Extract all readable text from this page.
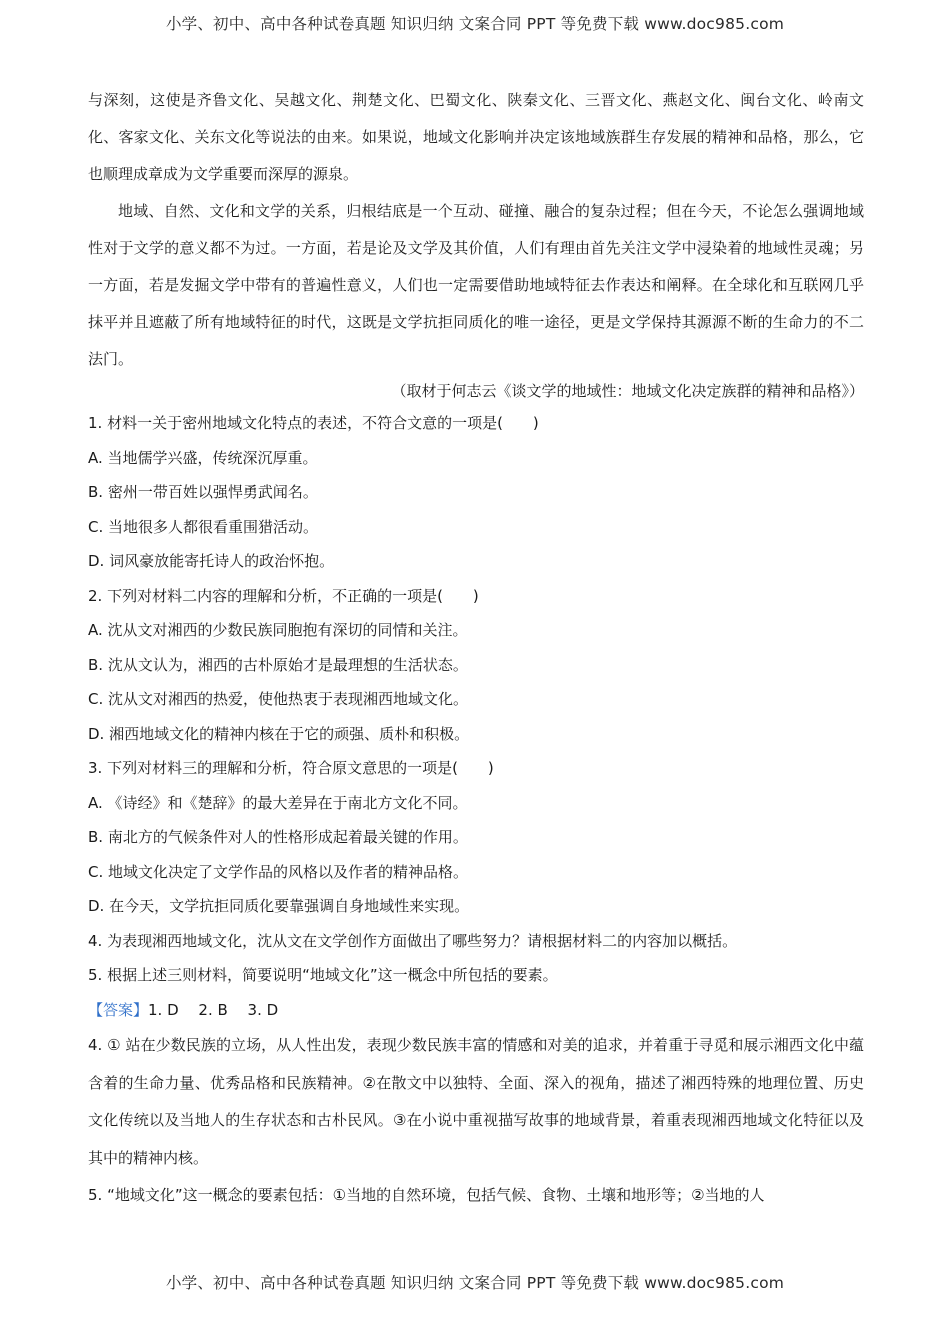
小学、初中、高中各种试卷真题 知识归纳 文案合同 PPT 等免费下载 www.doc985.com

与深刻，这使是齐鲁文化、吴越文化、荆楚文化、巴蜀文化、陕秦文化、三晋文化、燕赵文化、闽台文化、岭南文化、客家文化、关东文化等说法的由来。如果说，地域文化影响并决定该地域族群生存发展的精神和品格，那么，它也顺理成章成为文学重要而深厚的源泉。

地域、自然、文化和文学的关系，归根结底是一个互动、碰撞、融合的复杂过程；但在今天，不论怎么强调地域性对于文学的意义都不为过。一方面，若是论及文学及其价值，人们有理由首先关注文学中浸染着的地域性灵魂；另一方面，若是发掘文学中带有的普遍性意义，人们也一定需要借助地域特征去作表达和阐释。在全球化和互联网几乎抹平并且遮蔽了所有地域特征的时代，这既是文学抗拒同质化的唯一途径，更是文学保持其源源不断的生命力的不二法门。

（取材于何志云《谈文学的地域性：地域文化决定族群的精神和品格》）

1. 材料一关于密州地域文化特点的表述，不符合文意的一项是(　　)
A. 当地儒学兴盛，传统深沉厚重。
B. 密州一带百姓以强悍勇武闻名。
C. 当地很多人都很看重围猎活动。
D. 词风豪放能寄托诗人的政治怀抱。
2. 下列对材料二内容的理解和分析，不正确的一项是(　　)
A. 沈从文对湘西的少数民族同胞抱有深切的同情和关注。
B. 沈从文认为，湘西的古朴原始才是最理想的生活状态。
C. 沈从文对湘西的热爱，使他热衷于表现湘西地域文化。
D. 湘西地域文化的精神内核在于它的顽强、质朴和积极。
3. 下列对材料三的理解和分析，符合原文意思的一项是(　　)
A. 《诗经》和《楚辞》的最大差异在于南北方文化不同。
B. 南北方的气候条件对人的性格形成起着最关键的作用。
C. 地域文化决定了文学作品的风格以及作者的精神品格。
D. 在今天，文学抗拒同质化要靠强调自身地域性来实现。
4. 为表现湘西地域文化，沈从文在文学创作方面做出了哪些努力？请根据材料二的内容加以概括。
5. 根据上述三则材料，简要说明“地域文化”这一概念中所包括的要素。
【答案】1. D　 2. B　 3. D

4. ① 站在少数民族的立场，从人性出发，表现少数民族丰富的情感和对美的追求，并着重于寻觅和展示湘西文化中蕴含着的生命力量、优秀品格和民族精神。②在散文中以独特、全面、深入的视角，描述了湘西特殊的地理位置、历史文化传统以及当地人的生存状态和古朴民风。③在小说中重视描写故事的地域背景，着重表现湘西地域文化特征以及其中的精神内核。

5. “地域文化”这一概念的要素包括：①当地的自然环境，包括气候、食物、土壤和地形等；②当地的人

小学、初中、高中各种试卷真题 知识归纳 文案合同 PPT 等免费下载 www.doc985.com
